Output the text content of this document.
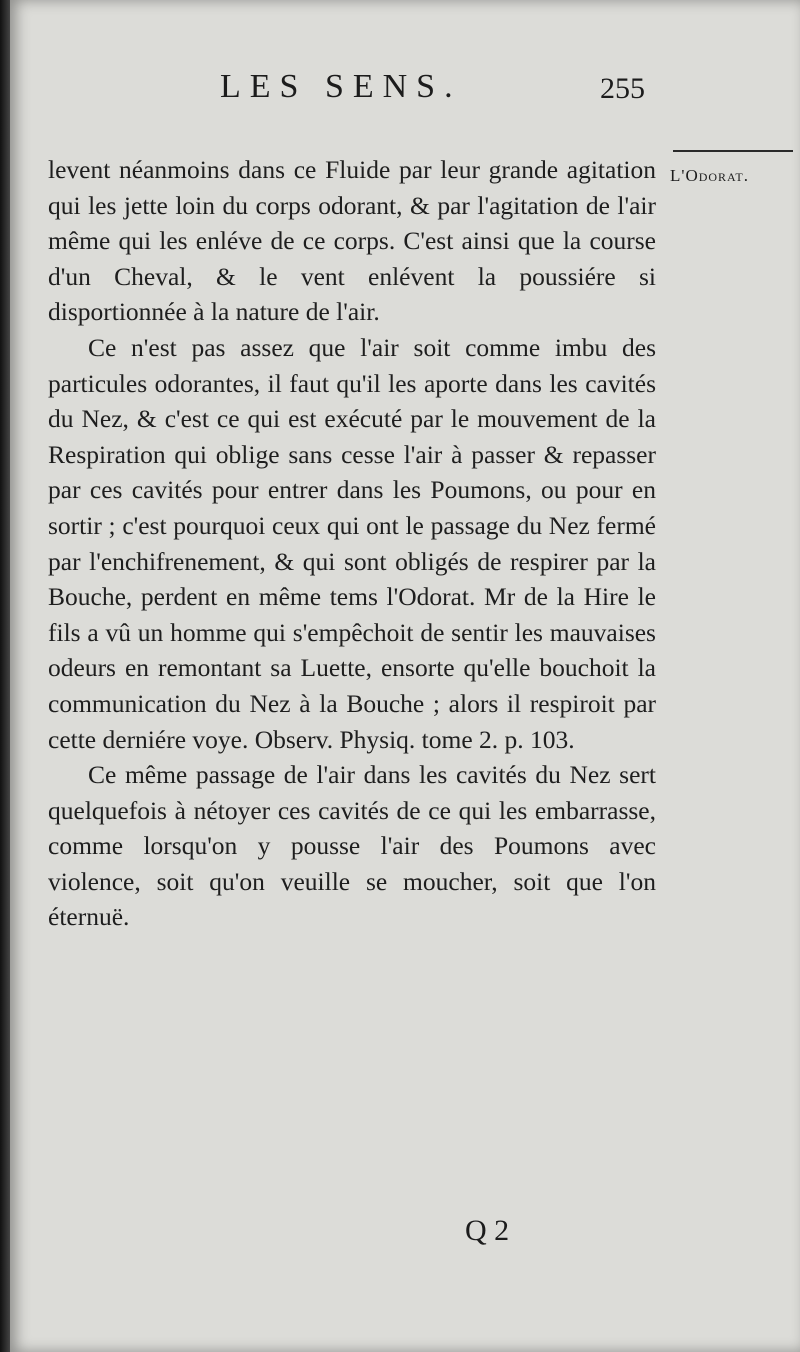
LES SENS.	255
L'Odorat.

levent néanmoins dans ce Fluide par leur grande agitation qui les jette loin du corps odorant, & par l'agitation de l'air même qui les enléve de ce corps. C'est ainsi que la course d'un Cheval, & le vent enlévent la poussiére si disportionnée à la nature de l'air.

Ce n'est pas assez que l'air soit comme imbu des particules odorantes, il faut qu'il les aporte dans les cavités du Nez, & c'est ce qui est exécuté par le mouvement de la Respiration qui oblige sans cesse l'air à passer & repasser par ces cavités pour entrer dans les Poumons, ou pour en sortir ; c'est pourquoi ceux qui ont le passage du Nez fermé par l'enchifrenement, & qui sont obligés de respirer par la Bouche, perdent en même tems l'Odorat. Mr de la Hire le fils a vû un homme qui s'empêchoit de sentir les mauvaises odeurs en remontant sa Luette, ensorte qu'elle bouchoit la communication du Nez à la Bouche ; alors il respiroit par cette derniére voye. Observ. Physiq. tome 2. p. 103.

Ce même passage de l'air dans les cavités du Nez sert quelquefois à nétoyer ces cavités de ce qui les embarrasse, comme lorsqu'on y pousse l'air des Poumons avec violence, soit qu'on veuille se moucher, soit que l'on éternuë.

Q 2
